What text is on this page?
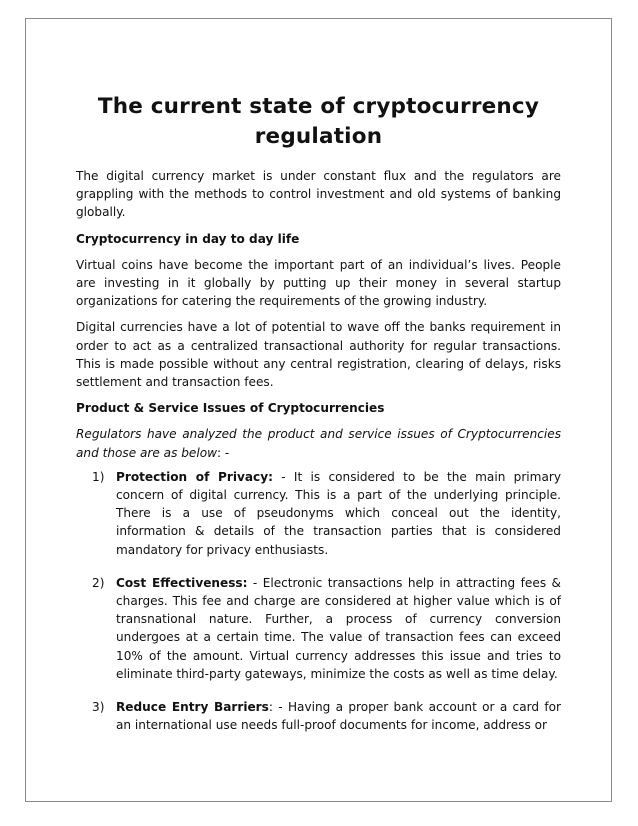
The current state of cryptocurrency regulation

The digital currency market is under constant flux and the regulators are grappling with the methods to control investment and old systems of banking globally.

Cryptocurrency in day to day life

Virtual coins have become the important part of an individual’s lives. People are investing in it globally by putting up their money in several startup organizations for catering the requirements of the growing industry.

Digital currencies have a lot of potential to wave off the banks requirement in order to act as a centralized transactional authority for regular transactions. This is made possible without any central registration, clearing of delays, risks settlement and transaction fees.

Product & Service Issues of Cryptocurrencies

Regulators have analyzed the product and service issues of Cryptocurrencies and those are as below: -

1) Protection of Privacy: - It is considered to be the main primary concern of digital currency. This is a part of the underlying principle. There is a use of pseudonyms which conceal out the identity, information & details of the transaction parties that is considered mandatory for privacy enthusiasts.
2) Cost Effectiveness: - Electronic transactions help in attracting fees & charges. This fee and charge are considered at higher value which is of transnational nature. Further, a process of currency conversion undergoes at a certain time. The value of transaction fees can exceed 10% of the amount. Virtual currency addresses this issue and tries to eliminate third-party gateways, minimize the costs as well as time delay.
3) Reduce Entry Barriers: - Having a proper bank account or a card for an international use needs full-proof documents for income, address or
